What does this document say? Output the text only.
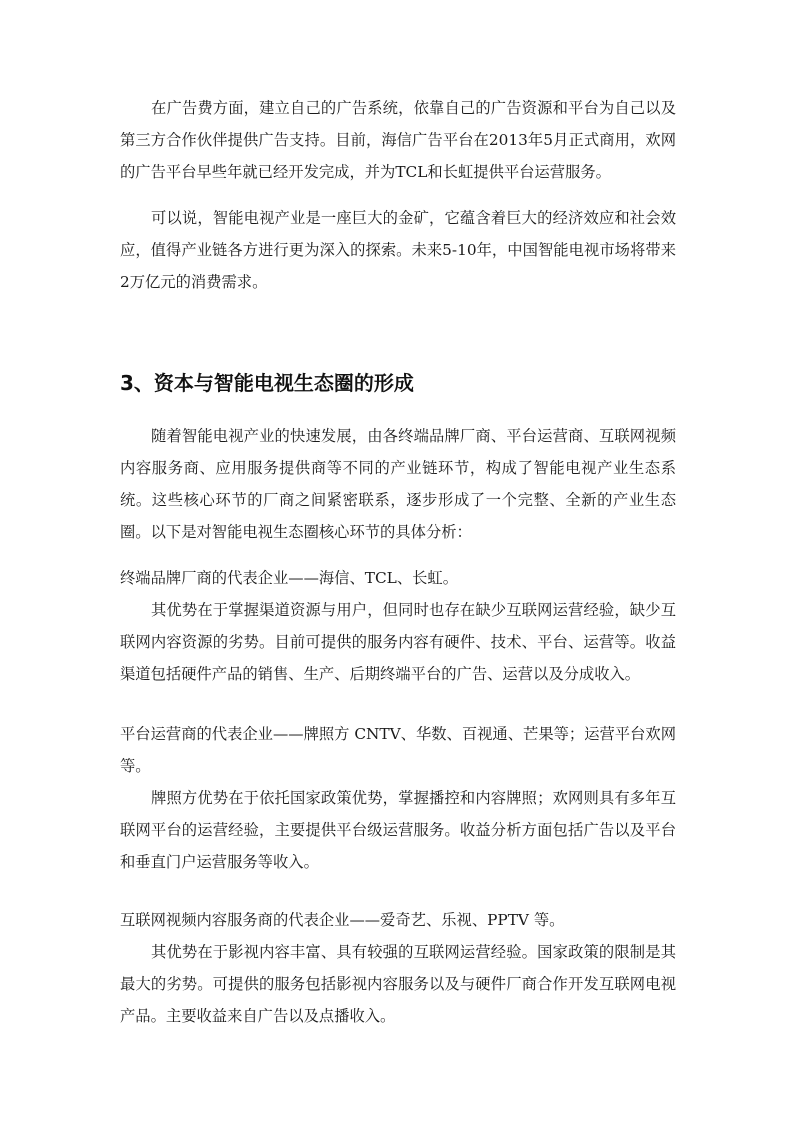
在广告费方面，建立自己的广告系统，依靠自己的广告资源和平台为自己以及第三方合作伙伴提供广告支持。目前，海信广告平台在2013年5月正式商用，欢网的广告平台早些年就已经开发完成，并为TCL和长虹提供平台运营服务。

可以说，智能电视产业是一座巨大的金矿，它蕴含着巨大的经济效应和社会效应，值得产业链各方进行更为深入的探索。未来5-10年，中国智能电视市场将带来2万亿元的消费需求。

3、资本与智能电视生态圈的形成

随着智能电视产业的快速发展，由各终端品牌厂商、平台运营商、互联网视频内容服务商、应用服务提供商等不同的产业链环节，构成了智能电视产业生态系统。这些核心环节的厂商之间紧密联系，逐步形成了一个完整、全新的产业生态圈。以下是对智能电视生态圈核心环节的具体分析：

终端品牌厂商的代表企业——海信、TCL、长虹。

其优势在于掌握渠道资源与用户，但同时也存在缺少互联网运营经验，缺少互联网内容资源的劣势。目前可提供的服务内容有硬件、技术、平台、运营等。收益渠道包括硬件产品的销售、生产、后期终端平台的广告、运营以及分成收入。

平台运营商的代表企业——牌照方 CNTV、华数、百视通、芒果等；运营平台欢网等。

牌照方优势在于依托国家政策优势，掌握播控和内容牌照；欢网则具有多年互联网平台的运营经验，主要提供平台级运营服务。收益分析方面包括广告以及平台和垂直门户运营服务等收入。

互联网视频内容服务商的代表企业——爱奇艺、乐视、PPTV 等。

其优势在于影视内容丰富、具有较强的互联网运营经验。国家政策的限制是其最大的劣势。可提供的服务包括影视内容服务以及与硬件厂商合作开发互联网电视产品。主要收益来自广告以及点播收入。
